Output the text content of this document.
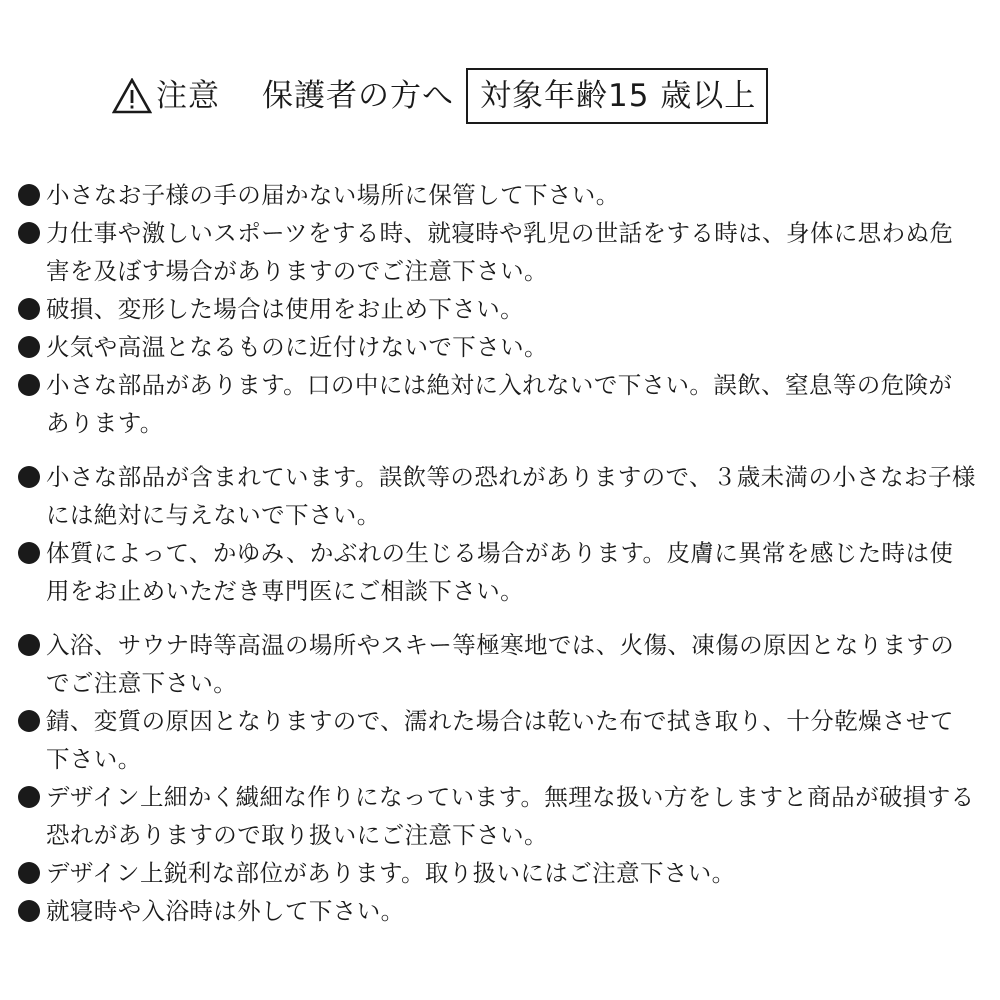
注意 保護者の方へ 対象年齢15 歳以上
小さなお子様の手の届かない場所に保管して下さい。
力仕事や激しいスポーツをする時、就寝時や乳児の世話をする時は、身体に思わぬ危害を及ぼす場合がありますのでご注意下さい。
破損、変形した場合は使用をお止め下さい。
火気や高温となるものに近付けないで下さい。
小さな部品があります。口の中には絶対に入れないで下さい。誤飲、窒息等の危険があります。
小さな部品が含まれています。誤飲等の恐れがありますので、３歳未満の小さなお子様には絶対に与えないで下さい。
体質によって、かゆみ、かぶれの生じる場合があります。皮膚に異常を感じた時は使用をお止めいただき専門医にご相談下さい。
入浴、サウナ時等高温の場所やスキー等極寒地では、火傷、凍傷の原因となりますのでご注意下さい。
錆、変質の原因となりますので、濡れた場合は乾いた布で拭き取り、十分乾燥させて下さい。
デザイン上細かく繊細な作りになっています。無理な扱い方をしますと商品が破損する恐れがありますので取り扱いにご注意下さい。
デザイン上鋭利な部位があります。取り扱いにはご注意下さい。
就寝時や入浴時は外して下さい。
